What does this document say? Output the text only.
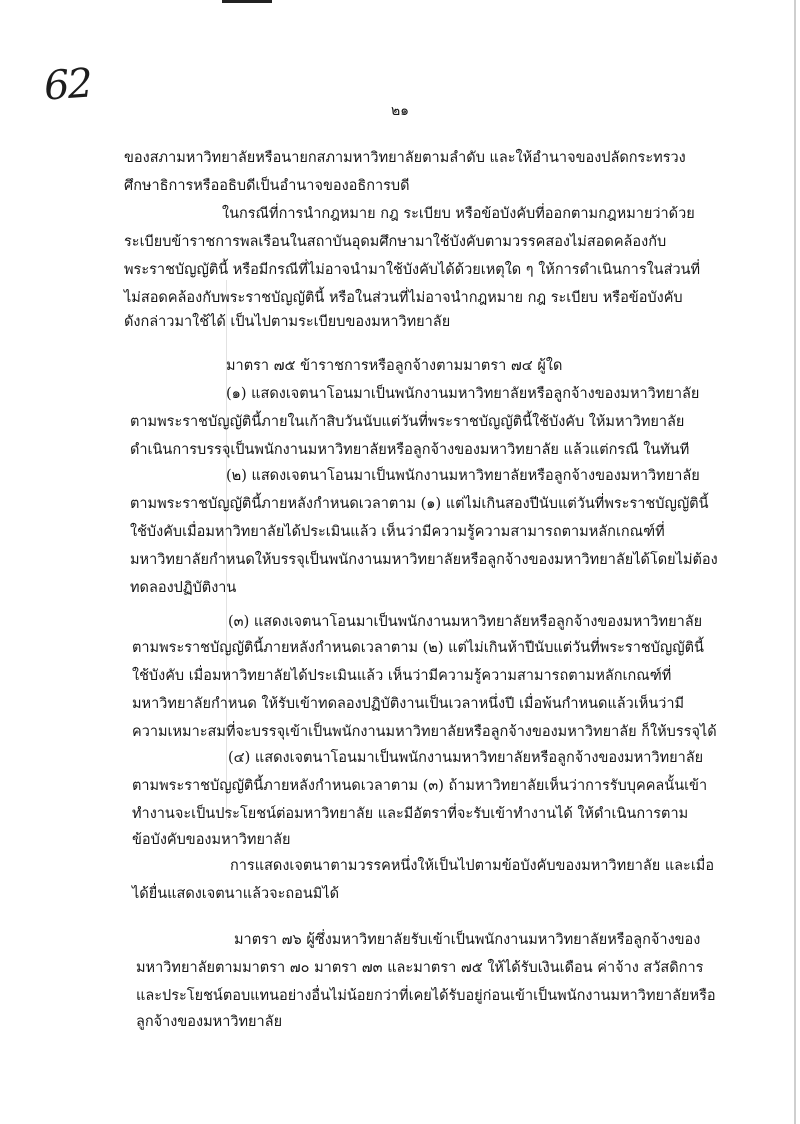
62
๒๑
ของสภามหาวิทยาลัยหรือนายกสภามหาวิทยาลัยตามลำดับ และให้อำนาจของปลัดกระทรวง
ศึกษาธิการหรืออธิบดีเป็นอำนาจของอธิการบดี
ในกรณีที่การนำกฎหมาย กฎ ระเบียบ หรือข้อบังคับที่ออกตามกฎหมายว่าด้วย
ระเบียบข้าราชการพลเรือนในสถาบันอุดมศึกษามาใช้บังคับตามวรรคสองไม่สอดคล้องกับ
พระราชบัญญัตินี้ หรือมีกรณีที่ไม่อาจนำมาใช้บังคับได้ด้วยเหตุใด ๆ ให้การดำเนินการในส่วนที่
ไม่สอดคล้องกับพระราชบัญญัตินี้ หรือในส่วนที่ไม่อาจนำกฎหมาย กฎ ระเบียบ หรือข้อบังคับ
ดังกล่าวมาใช้ได้ เป็นไปตามระเบียบของมหาวิทยาลัย
มาตรา ๗๕ ข้าราชการหรือลูกจ้างตามมาตรา ๗๔ ผู้ใด
(๑) แสดงเจตนาโอนมาเป็นพนักงานมหาวิทยาลัยหรือลูกจ้างของมหาวิทยาลัย
ตามพระราชบัญญัตินี้ภายในเก้าสิบวันนับแต่วันที่พระราชบัญญัตินี้ใช้บังคับ ให้มหาวิทยาลัย
ดำเนินการบรรจุเป็นพนักงานมหาวิทยาลัยหรือลูกจ้างของมหาวิทยาลัย แล้วแต่กรณี ในทันที
(๒) แสดงเจตนาโอนมาเป็นพนักงานมหาวิทยาลัยหรือลูกจ้างของมหาวิทยาลัย
ตามพระราชบัญญัตินี้ภายหลังกำหนดเวลาตาม (๑) แต่ไม่เกินสองปีนับแต่วันที่พระราชบัญญัตินี้
ใช้บังคับเมื่อมหาวิทยาลัยได้ประเมินแล้ว เห็นว่ามีความรู้ความสามารถตามหลักเกณฑ์ที่
มหาวิทยาลัยกำหนดให้บรรจุเป็นพนักงานมหาวิทยาลัยหรือลูกจ้างของมหาวิทยาลัยได้โดยไม่ต้อง
ทดลองปฏิบัติงาน
(๓) แสดงเจตนาโอนมาเป็นพนักงานมหาวิทยาลัยหรือลูกจ้างของมหาวิทยาลัย
ตามพระราชบัญญัตินี้ภายหลังกำหนดเวลาตาม (๒) แต่ไม่เกินห้าปีนับแต่วันที่พระราชบัญญัตินี้
ใช้บังคับ เมื่อมหาวิทยาลัยได้ประเมินแล้ว เห็นว่ามีความรู้ความสามารถตามหลักเกณฑ์ที่
มหาวิทยาลัยกำหนด ให้รับเข้าทดลองปฏิบัติงานเป็นเวลาหนึ่งปี เมื่อพ้นกำหนดแล้วเห็นว่ามี
ความเหมาะสมที่จะบรรจุเข้าเป็นพนักงานมหาวิทยาลัยหรือลูกจ้างของมหาวิทยาลัย ก็ให้บรรจุได้
(๔) แสดงเจตนาโอนมาเป็นพนักงานมหาวิทยาลัยหรือลูกจ้างของมหาวิทยาลัย
ตามพระราชบัญญัตินี้ภายหลังกำหนดเวลาตาม (๓) ถ้ามหาวิทยาลัยเห็นว่าการรับบุคคลนั้นเข้า
ทำงานจะเป็นประโยชน์ต่อมหาวิทยาลัย และมีอัตราที่จะรับเข้าทำงานได้ ให้ดำเนินการตาม
ข้อบังคับของมหาวิทยาลัย
การแสดงเจตนาตามวรรคหนึ่งให้เป็นไปตามข้อบังคับของมหาวิทยาลัย และเมื่อ
ได้ยื่นแสดงเจตนาแล้วจะถอนมิได้
มาตรา ๗๖ ผู้ซึ่งมหาวิทยาลัยรับเข้าเป็นพนักงานมหาวิทยาลัยหรือลูกจ้างของ
มหาวิทยาลัยตามมาตรา ๗๐ มาตรา ๗๓ และมาตรา ๗๕ ให้ได้รับเงินเดือน ค่าจ้าง สวัสดิการ
และประโยชน์ตอบแทนอย่างอื่นไม่น้อยกว่าที่เคยได้รับอยู่ก่อนเข้าเป็นพนักงานมหาวิทยาลัยหรือ
ลูกจ้างของมหาวิทยาลัย
